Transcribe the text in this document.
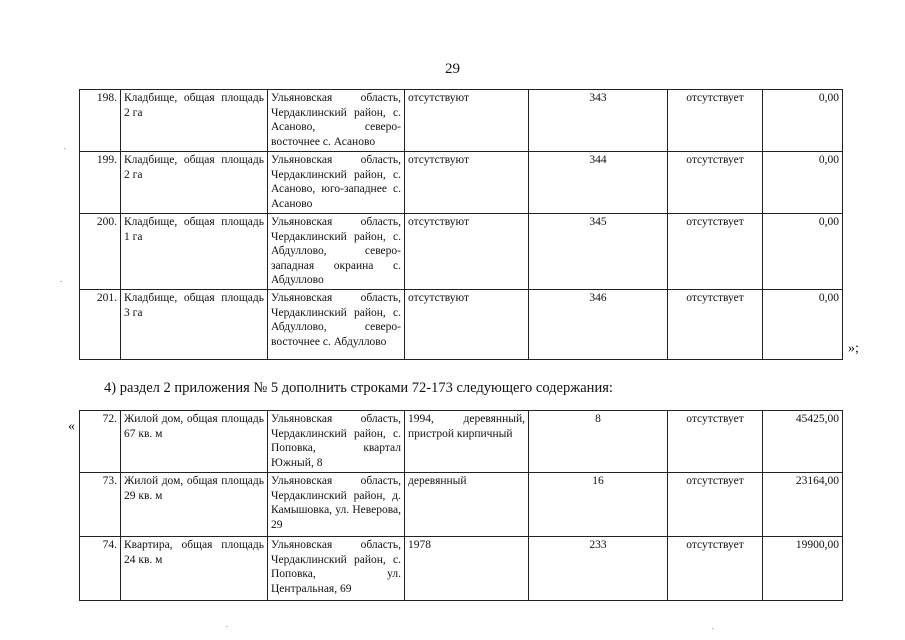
29
198.	Кладбище, общая площадь 2 га	Ульяновская область, Чердаклинский район, с. Асаново, северо-восточнее с. Асаново	отсутствуют	343	отсутствует	0,00
199.	Кладбище, общая площадь 2 га	Ульяновская область, Чердаклинский район, с. Асаново, юго-западнее с. Асаново	отсутствуют	344	отсутствует	0,00
200.	Кладбище, общая площадь 1 га	Ульяновская область, Чердаклинский район, с. Абдуллово, северо-западная окраина с. Абдуллово	отсутствуют	345	отсутствует	0,00
201.	Кладбище, общая площадь 3 га	Ульяновская область, Чердаклинский район, с. Абдуллово, северо-восточнее с. Абдуллово	отсутствуют	346	отсутствует	0,00
»;
4) раздел 2 приложения № 5 дополнить строками 72-173 следующего содержания:
« 72.	Жилой дом, общая площадь 67 кв. м	Ульяновская область, Чердаклинский район, с. Поповка, квартал Южный, 8	1994, деревянный, пристрой кирпичный	8	отсутствует	45425,00
73.	Жилой дом, общая площадь 29 кв. м	Ульяновская область, Чердаклинский район, д. Камышовка, ул. Неверова, 29	деревянный	16	отсутствует	23164,00
74.	Квартира, общая площадь 24 кв. м	Ульяновская область, Чердаклинский район, с. Поповка, ул. Центральная, 69	1978	233	отсутствует	19900,00
